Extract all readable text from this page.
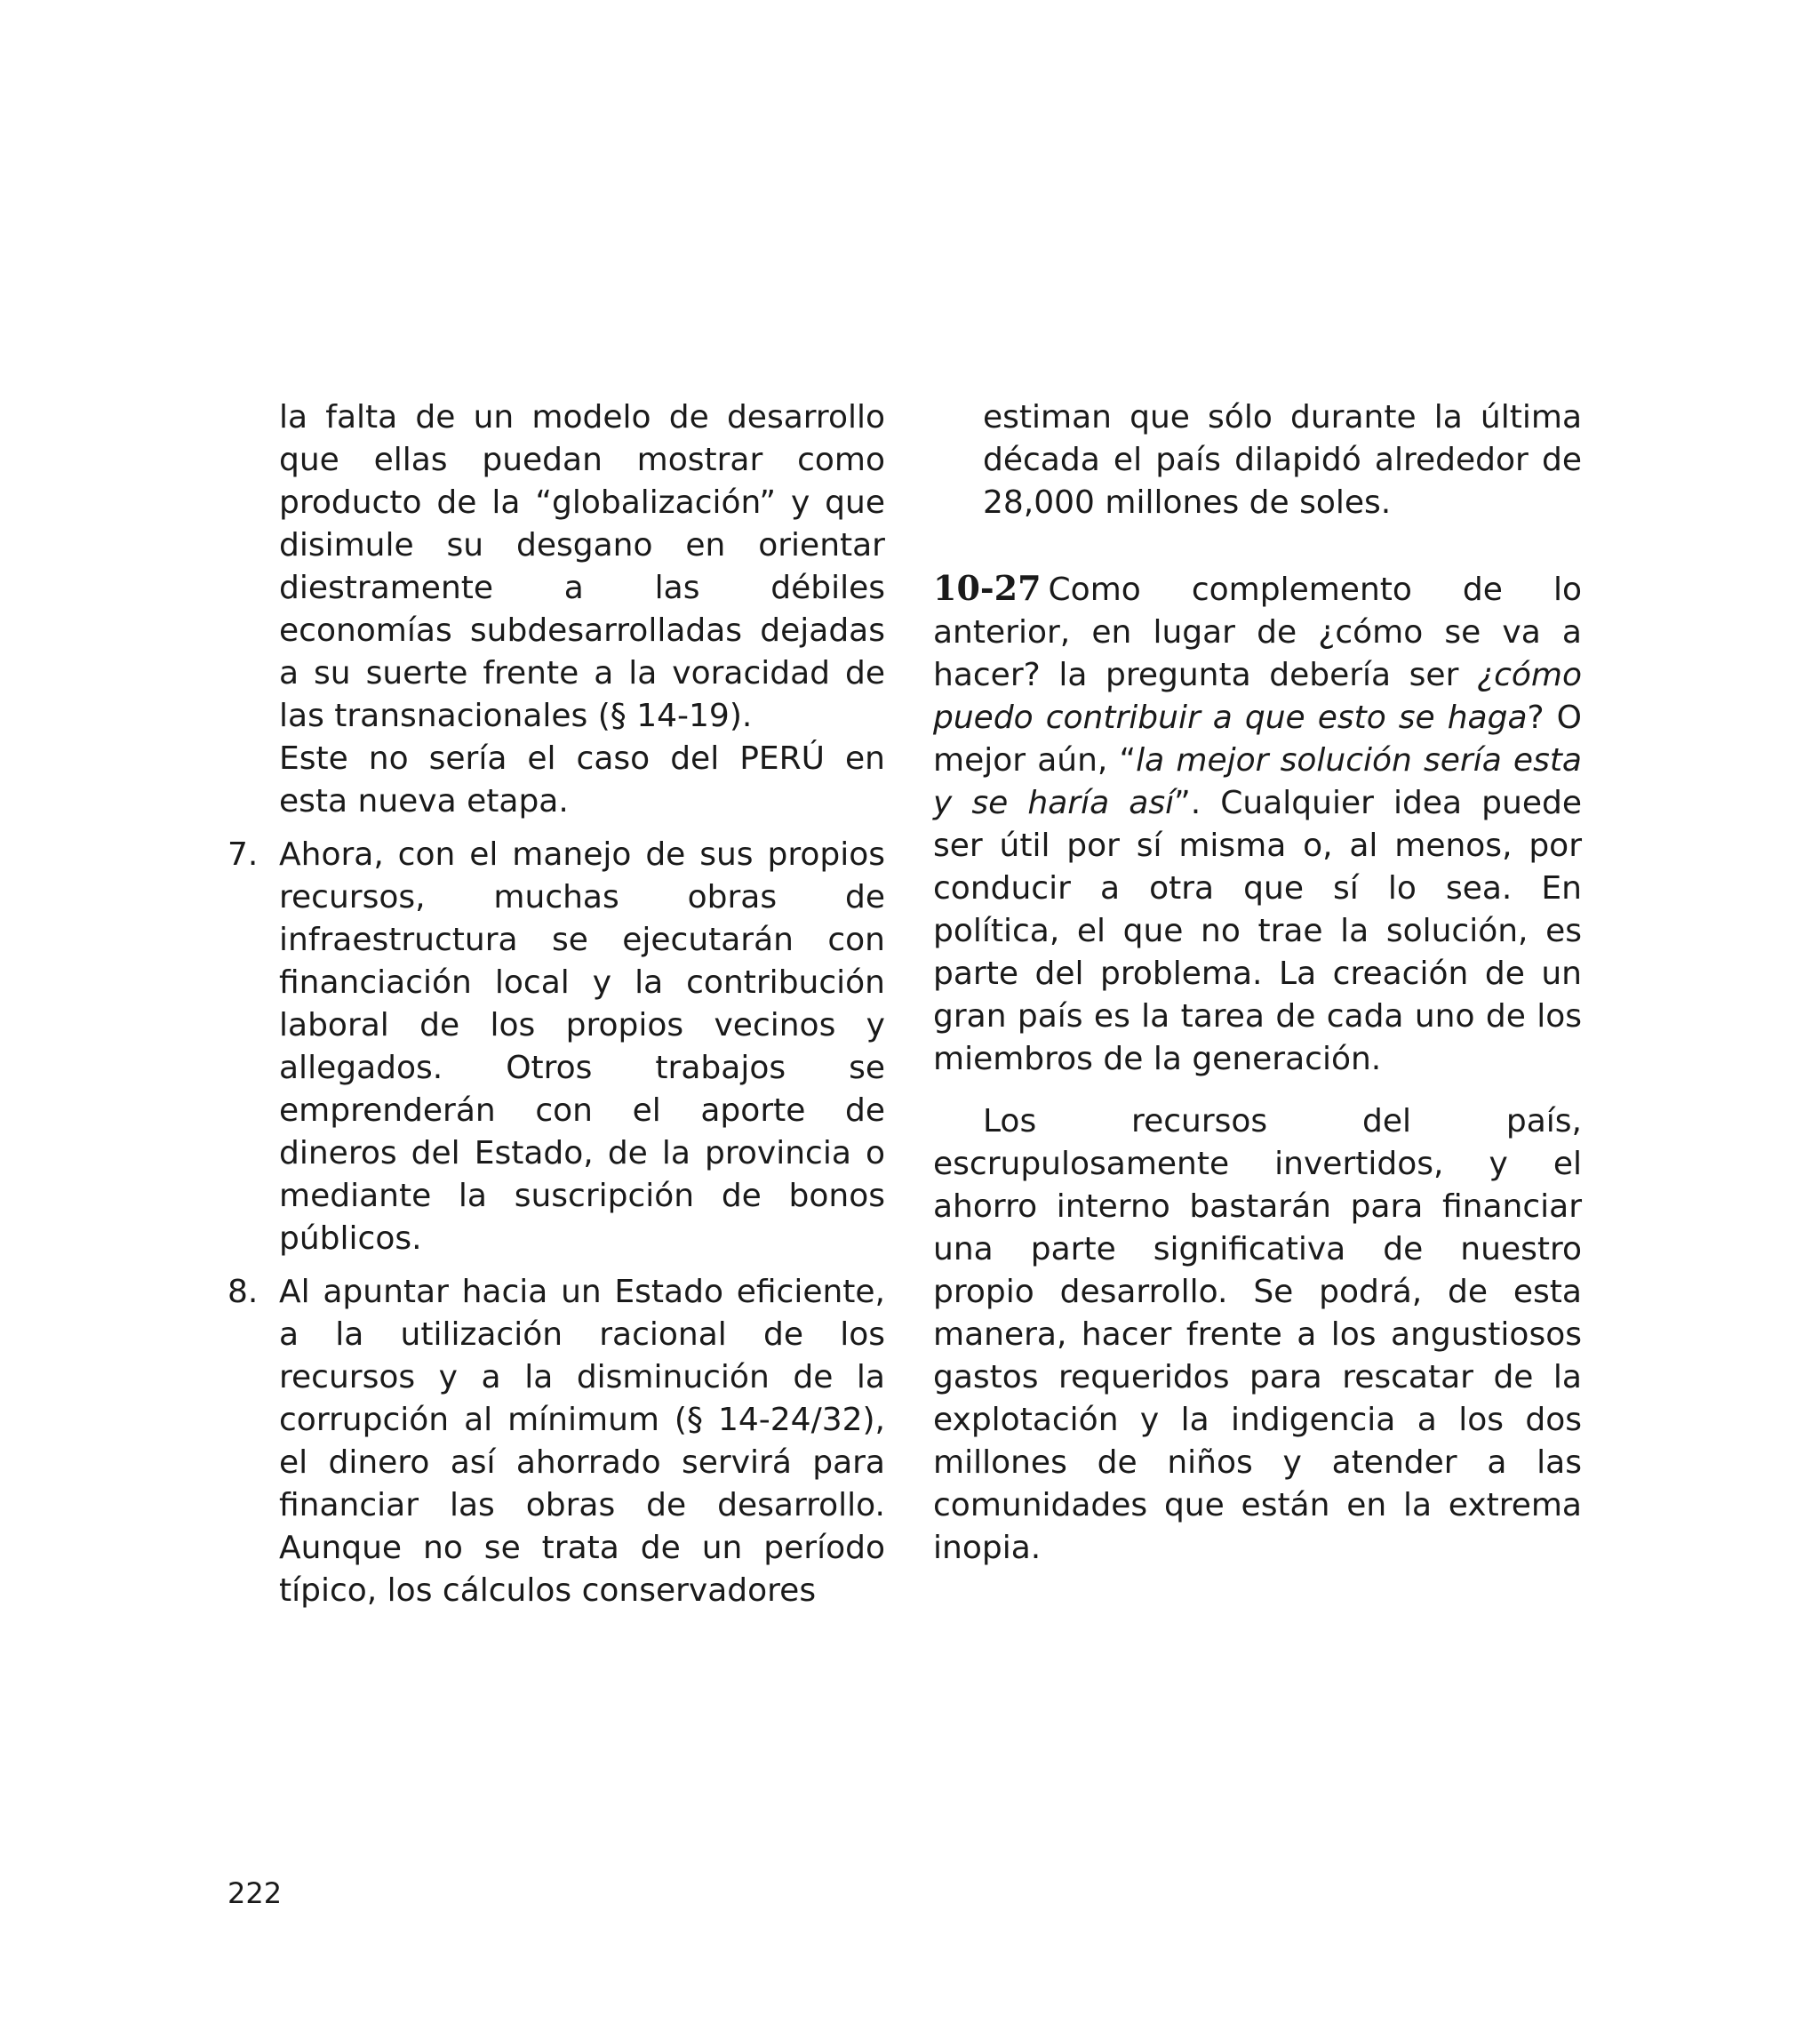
la falta de un modelo de desarrollo que ellas puedan mostrar como producto de la “globalización” y que disimule su desgano en orientar diestramente a las débiles economías subdesarrolladas dejadas a su suerte frente a la voracidad de las transnacionales (§ 14-19).

Este no sería el caso del PERÚ en esta nueva etapa.

7. Ahora, con el manejo de sus propios recursos, muchas obras de infraestructura se ejecutarán con financiación local y la contribución laboral de los propios vecinos y allegados. Otros trabajos se emprenderán con el aporte de dineros del Estado, de la provincia o mediante la suscripción de bonos públicos.

8. Al apuntar hacia un Estado eficiente, a la utilización racional de los recursos y a la disminución de la corrupción al mínimum (§ 14-24/32), el dinero así ahorrado servirá para financiar las obras de desarrollo. Aunque no se trata de un período típico, los cálculos conservadores

estiman que sólo durante la última década el país dilapidó alrededor de 28,000 millones de soles.

10-27 Como complemento de lo anterior, en lugar de ¿cómo se va a hacer? la pregunta debería ser ¿cómo puedo contribuir a que esto se haga? O mejor aún, “la mejor solución sería esta y se haría así”. Cualquier idea puede ser útil por sí misma o, al menos, por conducir a otra que sí lo sea. En política, el que no trae la solución, es parte del problema. La creación de un gran país es la tarea de cada uno de los miembros de la generación.

Los recursos del país, escrupulosamente invertidos, y el ahorro interno bastarán para financiar una parte significativa de nuestro propio desarrollo. Se podrá, de esta manera, hacer frente a los angustiosos gastos requeridos para rescatar de la explotación y la indigencia a los dos millones de niños y atender a las comunidades que están en la extrema inopia.

222
